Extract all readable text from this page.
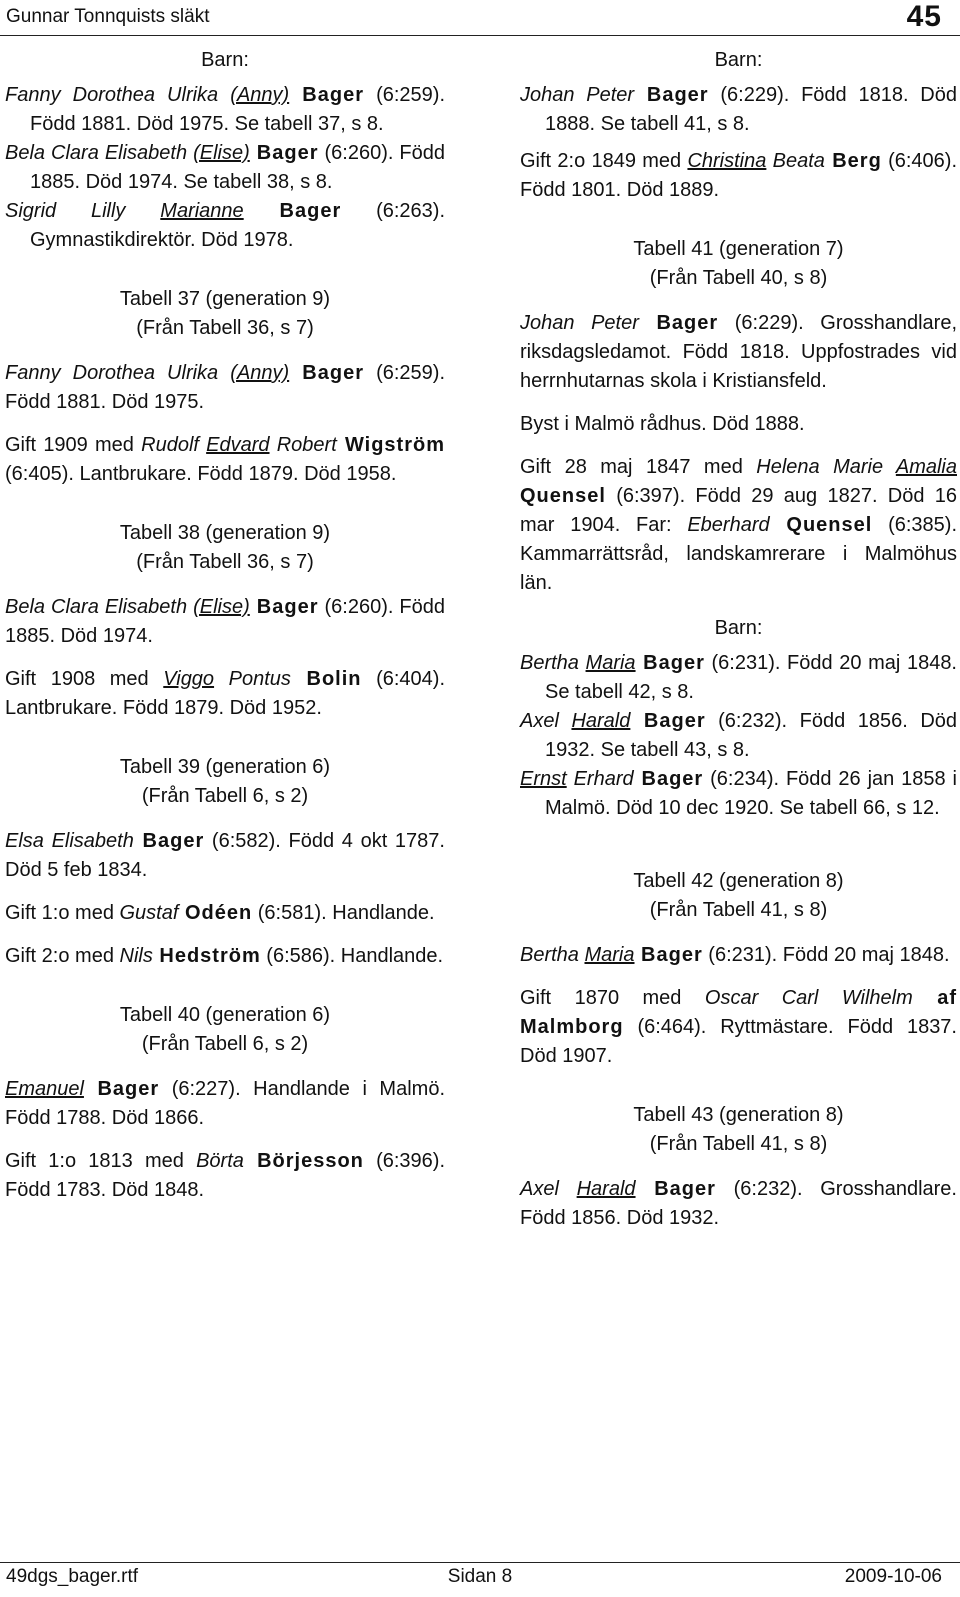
Gunnar Tonnquists släkt	45
Barn:

Fanny Dorothea Ulrika (Anny) Bager (6:259). Född 1881. Död 1975. Se tabell 37, s 8.

Bela Clara Elisabeth (Elise) Bager (6:260). Född 1885. Död 1974. Se tabell 38, s 8.

Sigrid Lilly Marianne Bager (6:263). Gymnastikdirektör. Död 1978.

Tabell 37 (generation 9)
(Från Tabell 36, s 7)

Fanny Dorothea Ulrika (Anny) Bager (6:259). Född 1881. Död 1975.

Gift 1909 med Rudolf Edvard Robert Wigström (6:405). Lantbrukare. Född 1879. Död 1958.

Tabell 38 (generation 9)
(Från Tabell 36, s 7)

Bela Clara Elisabeth (Elise) Bager (6:260). Född 1885. Död 1974.

Gift 1908 med Viggo Pontus Bolin (6:404). Lantbrukare. Född 1879. Död 1952.

Tabell 39 (generation 6)
(Från Tabell 6, s 2)

Elsa Elisabeth Bager (6:582). Född 4 okt 1787. Död 5 feb 1834.

Gift 1:o med Gustaf Odéen (6:581). Handlande.

Gift 2:o med Nils Hedström (6:586). Handlande.

Tabell 40 (generation 6)
(Från Tabell 6, s 2)

Emanuel Bager (6:227). Handlande i Malmö. Född 1788. Död 1866.

Gift 1:o 1813 med Börta Börjesson (6:396). Född 1783. Död 1848.

Barn:

Johan Peter Bager (6:229). Född 1818. Död 1888. Se tabell 41, s 8.

Gift 2:o 1849 med Christina Beata Berg (6:406). Född 1801. Död 1889.

Tabell 41 (generation 7)
(Från Tabell 40, s 8)

Johan Peter Bager (6:229). Grosshandlare, riksdagsledamot. Född 1818. Uppfostrades vid herrnhutarnas skola i Kristiansfeld.

Byst i Malmö rådhus. Död 1888.

Gift 28 maj 1847 med Helena Marie Amalia Quensel (6:397). Född 29 aug 1827. Död 16 mar 1904. Far: Eberhard Quensel (6:385). Kammarrättsråd, landskamrerare i Malmöhus län.

Barn:

Bertha Maria Bager (6:231). Född 20 maj 1848. Se tabell 42, s 8.

Axel Harald Bager (6:232). Född 1856. Död 1932. Se tabell 43, s 8.

Ernst Erhard Bager (6:234). Född 26 jan 1858 i Malmö. Död 10 dec 1920. Se tabell 66, s 12.

Tabell 42 (generation 8)
(Från Tabell 41, s 8)

Bertha Maria Bager (6:231). Född 20 maj 1848.

Gift 1870 med Oscar Carl Wilhelm af Malmborg (6:464). Ryttmästare. Född 1837. Död 1907.

Tabell 43 (generation 8)
(Från Tabell 41, s 8)

Axel Harald Bager (6:232). Grosshandlare. Född 1856. Död 1932.

49dgs_bager.rtf	Sidan 8	2009-10-06
